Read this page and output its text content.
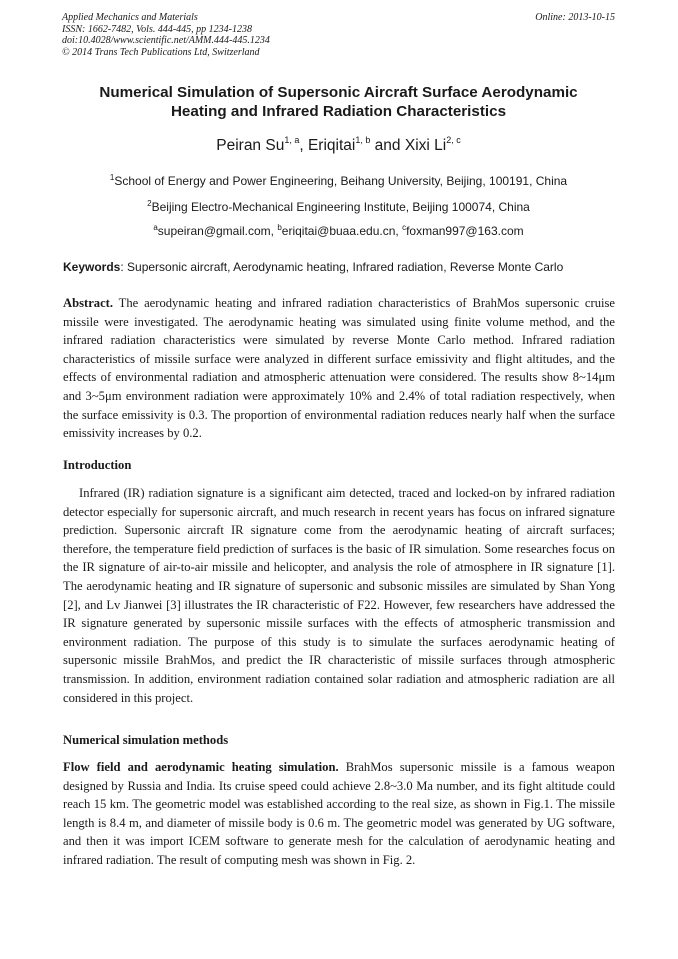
Applied Mechanics and Materials
ISSN: 1662-7482, Vols. 444-445, pp 1234-1238
doi:10.4028/www.scientific.net/AMM.444-445.1234
© 2014 Trans Tech Publications Ltd, Switzerland
Online: 2013-10-15
Numerical Simulation of Supersonic Aircraft Surface Aerodynamic
Heating and Infrared Radiation Characteristics
Peiran Su$^{1, a}$, Eriqitai$^{1, b}$ and Xixi Li$^{2, c}$
$^1$School of Energy and Power Engineering, Beihang University, Beijing, 100191, China
$^2$Beijing Electro-Mechanical Engineering Institute, Beijing 100074, China
$^a$supeiran@gmail.com, $^b$eriqitai@buaa.edu.cn, $^c$foxman997@163.com
Keywords: Supersonic aircraft, Aerodynamic heating, Infrared radiation, Reverse Monte Carlo
Abstract. The aerodynamic heating and infrared radiation characteristics of BrahMos supersonic cruise missile were investigated. The aerodynamic heating was simulated using finite volume method, and the infrared radiation characteristics were simulated by reverse Monte Carlo method. Infrared radiation characteristics of missile surface were analyzed in different surface emissivity and flight altitudes, and the effects of environmental radiation and atmospheric attenuation were considered. The results show 8~14μm and 3~5μm environment radiation were approximately 10% and 2.4% of total radiation respectively, when the surface emissivity is 0.3. The proportion of environmental radiation reduces nearly half when the surface emissivity increases by 0.2.
Introduction
Infrared (IR) radiation signature is a significant aim detected, traced and locked-on by infrared radiation detector especially for supersonic aircraft, and much research in recent years has focus on infrared signature prediction. Supersonic aircraft IR signature come from the aerodynamic heating of aircraft surfaces; therefore, the temperature field prediction of surfaces is the basic of IR simulation. Some researches focus on the IR signature of air-to-air missile and helicopter, and analysis the role of atmosphere in IR signature [1]. The aerodynamic heating and IR signature of supersonic and subsonic missiles are simulated by Shan Yong [2], and Lv Jianwei [3] illustrates the IR characteristic of F22. However, few researchers have addressed the IR signature generated by supersonic missile surfaces with the effects of atmospheric transmission and environment radiation. The purpose of this study is to simulate the surfaces aerodynamic heating of supersonic missile BrahMos, and predict the IR characteristic of missile surfaces through atmospheric transmission. In addition, environment radiation contained solar radiation and atmospheric radiation are all considered in this project.
Numerical simulation methods
Flow field and aerodynamic heating simulation. BrahMos supersonic missile is a famous weapon designed by Russia and India. Its cruise speed could achieve 2.8~3.0 Ma number, and its fight altitude could reach 15 km. The geometric model was established according to the real size, as shown in Fig.1. The missile length is 8.4 m, and diameter of missile body is 0.6 m. The geometric model was generated by UG software, and then it was import ICEM software to generate mesh for the calculation of aerodynamic heating and infrared radiation. The result of computing mesh was shown in Fig. 2.
